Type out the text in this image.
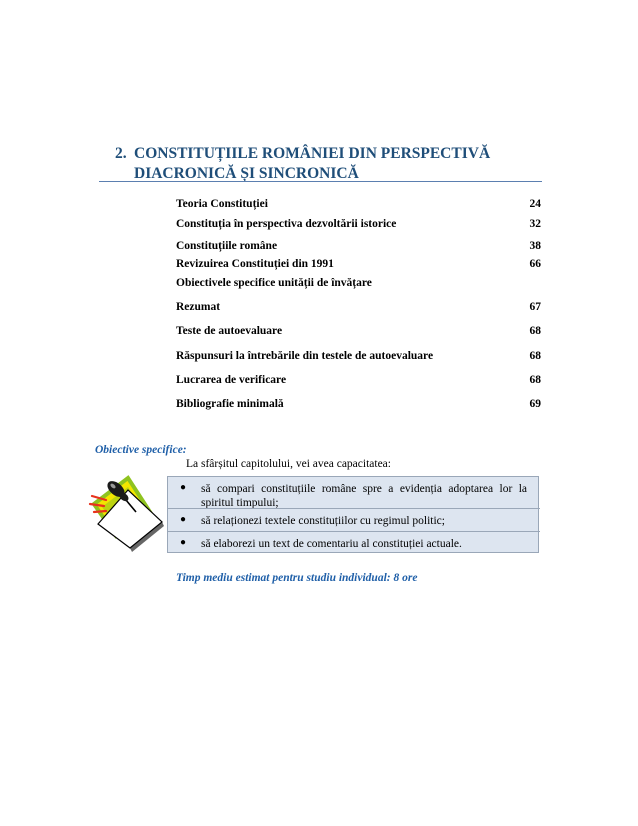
2. CONSTITUȚIILE ROMÂNIEI DIN PERSPECTIVĂ
DIACRONICĂ ȘI SINCRONICĂ
Teoria Constituției	24
Constituția în perspectiva dezvoltării istorice	32
Constituțiile române	38
Revizuirea Constituției din 1991	66
Obiectivele specifice unității de învățare
Rezumat	67
Teste de autoevaluare	68
Răspunsuri la întrebările din testele de autoevaluare	68
Lucrarea de verificare	68
Bibliografie minimală	69
Obiective specifice:
La sfârșitul capitolului, vei avea capacitatea:
● să compari constituțiile române spre a evidenția adoptarea lor la spiritul timpului;
● să relaționezi textele constituțiilor cu regimul politic;
● să elaborezi un text de comentariu al constituției actuale.
Timp mediu estimat pentru studiu individual: 8 ore
